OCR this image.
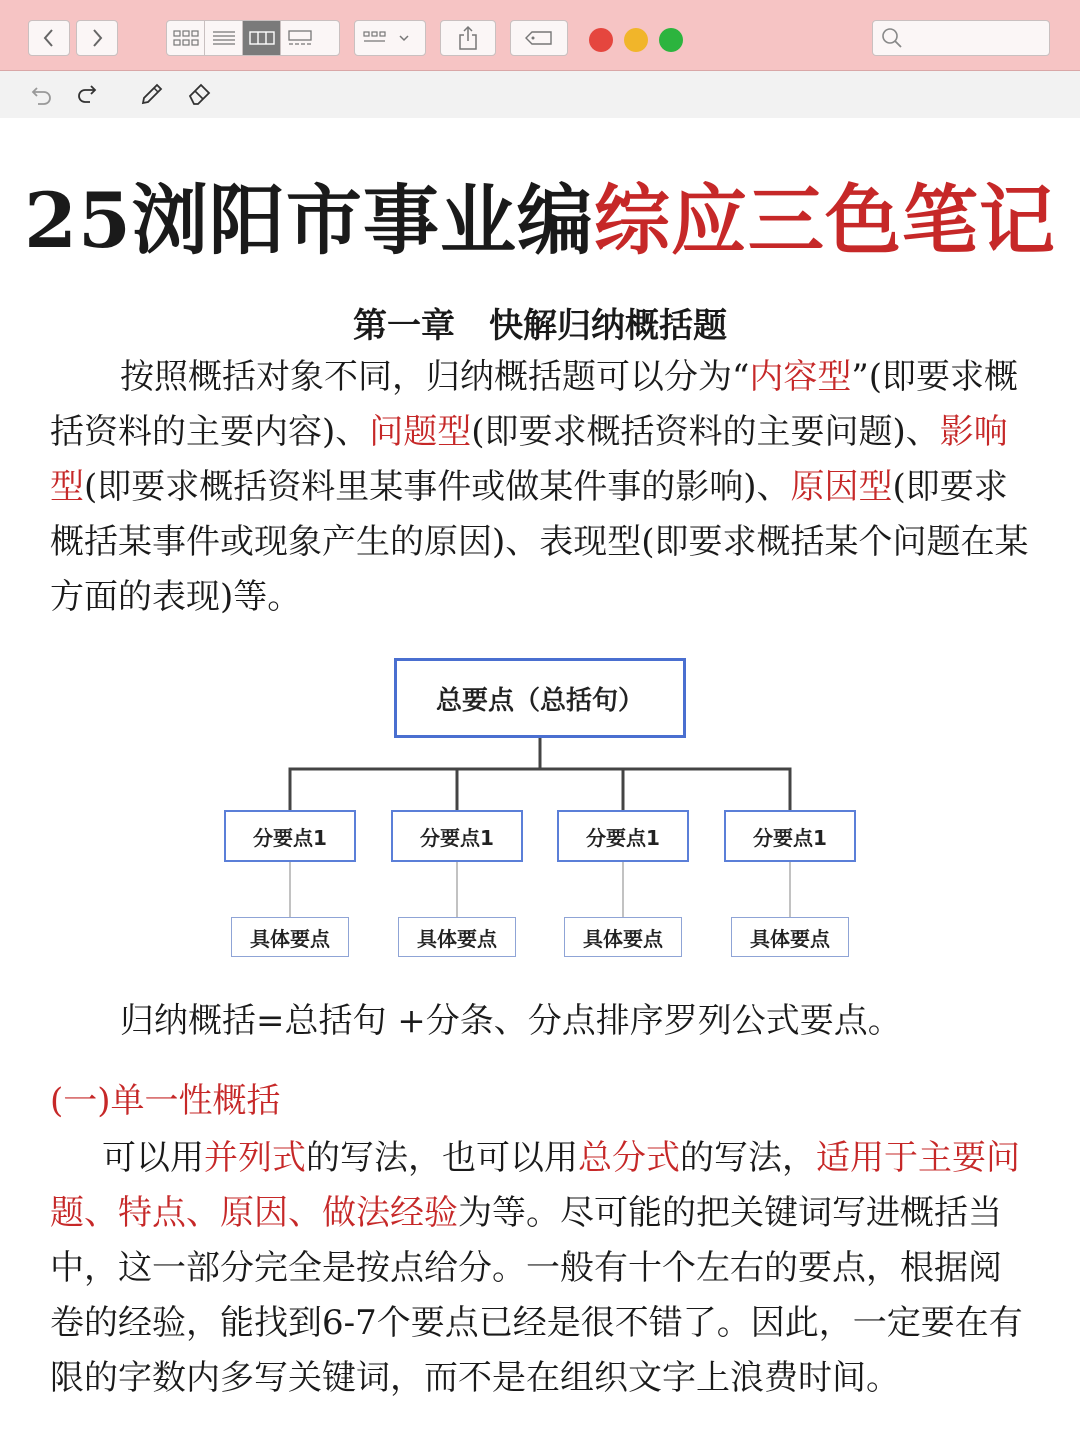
25浏阳市事业编综应三色笔记
第一章　快解归纳概括题

按照概括对象不同，归纳概括题可以分为“内容型”(即要求概括资料的主要内容)、问题型(即要求概括资料的主要问题)、影响型(即要求概括资料里某事件或做某件事的影响)、原因型(即要求概括某事件或现象产生的原因)、表现型(即要求概括某个问题在某方面的表现)等。

总要点（总括句）
分要点1	分要点1	分要点1	分要点1
具体要点	具体要点	具体要点	具体要点
归纳概括=总括句 +分条、分点排序罗列公式要点。
(一)单一性概括

可以用并列式的写法，也可以用总分式的写法，适用于主要问题、特点、原因、做法经验为等。尽可能的把关键词写进概括当中，这一部分完全是按点给分。一般有十个左右的要点，根据阅卷的经验，能找到6-7个要点已经是很不错了。因此，一定要在有限的字数内多写关键词，而不是在组织文字上浪费时间。
